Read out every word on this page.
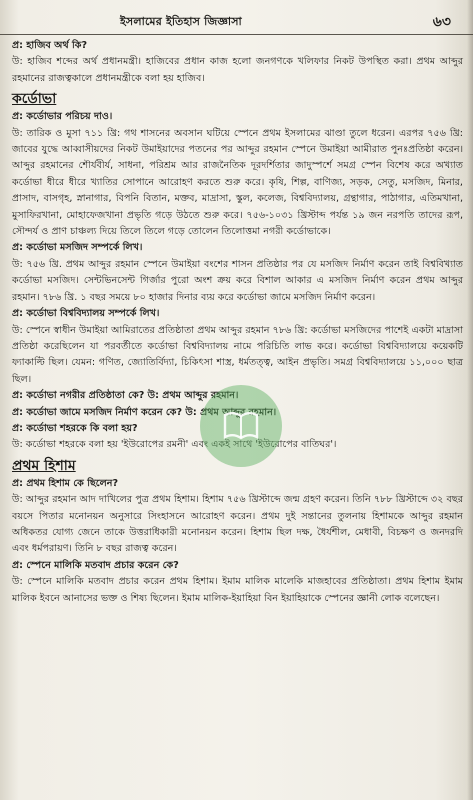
ইসলামের ইতিহাস জিজ্ঞাসা	৬৩

প্র: হাজিব অর্থ কি?

উ: হাজিব শব্দের অর্থ প্রধানমন্ত্রী। হাজিবের প্রধান কাজ হলো জনগণকে খলিফার নিকট উপস্থিত করা। প্রথম আব্দুর রহমানের রাজত্বকালে প্রধানমন্ত্রীকে বলা হয় হাজিব।

কর্ডোভা

প্র: কর্ডোভার পরিচয় দাও।

উ: তারিক ও মুসা ৭১১ খ্রি: গথ শাসনের অবসান ঘটিয়ে স্পেনে প্রথম ইসলামের ঝাণ্ডা তুলে ধরেন। এরপর ৭৫৬ খ্রি: জাবের যুদ্ধে আব্বাসীয়দের নিকট উমাইয়াদের পতনের পর আব্দুর রহমান স্পেনে উমাইয়া আমীরাত পুনঃপ্রতিষ্ঠা করেন। আব্দুর রহমানের শৌর্যবীর্য, সাধনা, পরিশ্রম আর রাজনৈতিক দূরদর্শিতার জাদুস্পর্শে সমগ্র স্পেন বিশেষ করে অখ্যাত কর্ডোভা ধীরে ধীরে খ্যাতির সোপানে আরোহণ করতে শুরু করে। কৃষি, শিল্প, বাণিজ্য, সড়ক, সেতু, মসজিদ, মিনার, প্রাসাদ, বাসগৃহ, স্নানাগার, বিপনি বিতান, মক্তব, মাদ্রাসা, স্কুল, কলেজ, বিশ্ববিদ্যালয়, গ্রন্থাগার, পাঠাগার, এতিমখানা, মুসাফিরখানা, মোহাফেজখানা প্রভৃতি গড়ে উঠতে শুরু করে। ৭৫৬-১০৩১ খ্রিস্টাব্দ পর্যন্ত ১৯ জন নরপতি তাদের রূপ, সৌন্দর্য ও প্রাণ চাঞ্চল্য দিয়ে তিলে তিলে গড়ে তোলেন তিলোত্তমা নগরী কর্ডোভাকে।

প্র: কর্ডোভা মসজিদ সম্পর্কে লিখ।

উ: ৭৫৬ খ্রি. প্রথম আব্দুর রহমান স্পেনে উমাইয়া বংশের শাসন প্রতিষ্ঠার পর যে মসজিদ নির্মাণ করেন তাই বিশ্ববিখ্যাত কর্ডোভা মসজিদ। সেন্টভিনসেন্ট গির্জার পুরো অংশ ক্রয় করে বিশাল আকার এ মসজিদ নির্মাণ করেন প্রথম আব্দুর রহমান। ৭৮৬ খ্রি. ১ বছর সময়ে ৮০ হাজার দিনার ব্যয় করে কর্ডোভা জামে মসজিদ নির্মাণ করেন।

প্র: কর্ডোভা বিশ্ববিদ্যালয় সম্পর্কে লিখ।

উ: স্পেনে স্বাধীন উমাইয়া আমিরাতের প্রতিষ্ঠাতা প্রথম আব্দুর রহমান ৭৮৬ খ্রি: কর্ডোভা মসজিদের পাশেই একটা মাদ্রাসা প্রতিষ্ঠা করেছিলেন যা পরবর্তীতে কর্ডোভা বিশ্ববিদ্যালয় নামে পরিচিতি লাভ করে। কর্ডোভা বিশ্ববিদ্যালয়ে কয়েকটি ফ্যাকাল্টি ছিল। যেমন: গণিত, জ্যোতির্বিদ্যা, চিকিৎসা শাস্ত্র, ধর্মতত্ত্ব, আইন প্রভৃতি। সমগ্র বিশ্ববিদ্যালয়ে ১১,০০০ ছাত্র ছিল।

প্র: কর্ডোভা নগরীর প্রতিষ্ঠাতা কে? উ: প্রথম আব্দুর রহমান।

প্র: কর্ডোভা জামে মসজিদ নির্মাণ করেন কে? উ: প্রথম আব্দুর রহমান।

প্র: কর্ডোভা শহরকে কি বলা হয়?

উ: কর্ডোভা শহরকে বলা হয় 'ইউরোপের রমনী' এবং একই সাথে 'ইউরোপের বাতিঘর'।

প্রথম হিশাম

প্র: প্রথম হিশাম কে ছিলেন?

উ: আব্দুর রহমান আদ দাখিলের পুত্র প্রথম হিশাম। হিশাম ৭৫৬ খ্রিস্টাব্দে জন্ম গ্রহণ করেন। তিনি ৭৮৮ খ্রিস্টাব্দে ৩২ বছর বয়সে পিতার মনোনয়ন অনুসারে সিংহাসনে আরোহণ করেন। প্রথম দুই সন্তানের তুলনায় হিশামকে আব্দুর রহমান অধিকতর যোগ্য জেনে তাকে উত্তরাধিকারী মনোনয়ন করেন। হিশাম ছিল দক্ষ, ধৈর্যশীল, মেধাবী, বিচক্ষণ ও জনদরদি এবং ধর্মপরায়ণ। তিনি ৮ বছর রাজত্ব করেন।

প্র: স্পেনে মালিকি মতবাদ প্রচার করেন কে?

উ: স্পেনে মালিকি মতবাদ প্রচার করেন প্রথম হিশাম। ইমাম মালিক মালেকি মাজহাবের প্রতিষ্ঠাতা। প্রথম হিশাম ইমাম মালিক ইবনে আনাসের ভক্ত ও শিষ্য ছিলেন। ইমাম মালিক-ইয়াহিয়া বিন ইয়াহিয়াকে স্পেনের জ্ঞানী লোক বলেছেন।
